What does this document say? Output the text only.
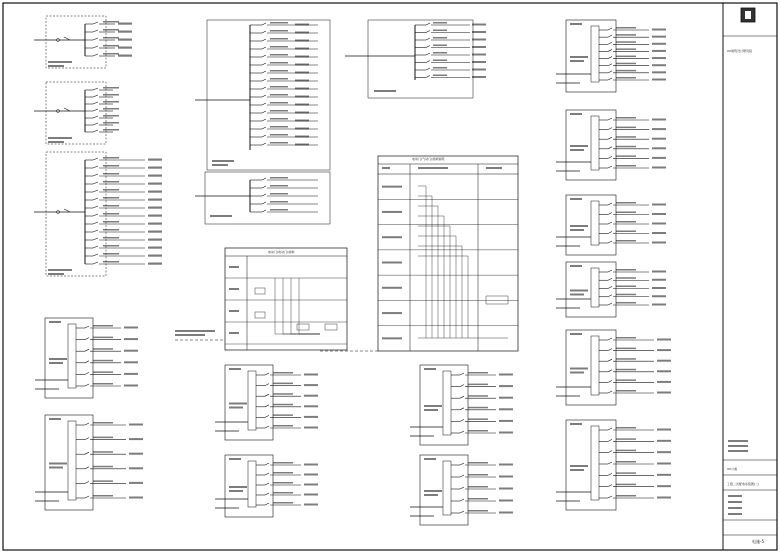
XX建筑设计研究院
XX公寓
工程二次配电系统图(二)
电施-5
电动门(电动门)控制
电动门(气动门)控制说明
